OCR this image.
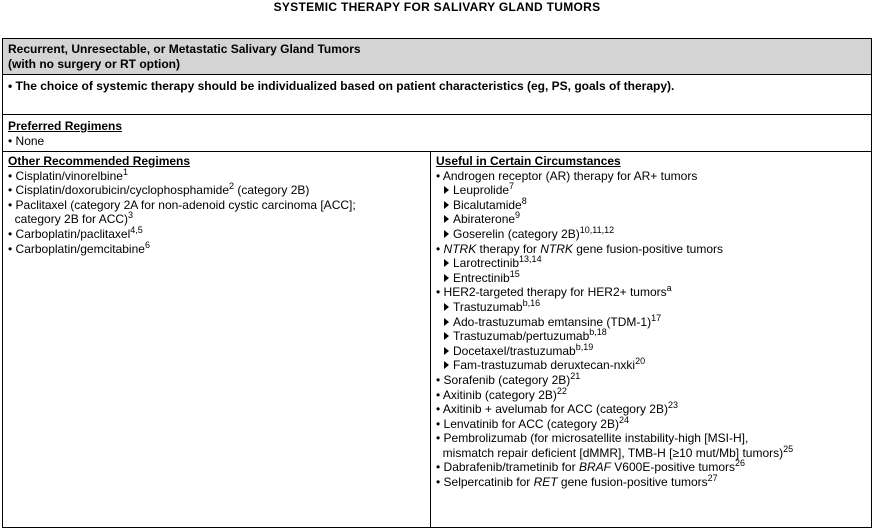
SYSTEMIC THERAPY FOR SALIVARY GLAND TUMORS
Recurrent, Unresectable, or Metastatic Salivary Gland Tumors
(with no surgery or RT option)
• The choice of systemic therapy should be individualized based on patient characteristics (eg, PS, goals of therapy).
Preferred Regimens
• None
Other Recommended Regimens
• Cisplatin/vinorelbine$^1$
• Cisplatin/doxorubicin/cyclophosphamide$^2$ (category 2B)
• Paclitaxel (category 2A for non-adenoid cystic carcinoma [ACC];
category 2B for ACC)$^3$
• Carboplatin/paclitaxel$^{4,5}$
• Carboplatin/gemcitabine$^6$
Useful in Certain Circumstances
• Androgen receptor (AR) therapy for AR+ tumors
Leuprolide$^7$
Bicalutamide$^8$
Abiraterone$^9$
Goserelin (category 2B)$^{10,11,12}$
• NTRK therapy for NTRK gene fusion-positive tumors
Larotrectinib$^{13,14}$
Entrectinib$^{15}$
• HER2-targeted therapy for HER2+ tumors$^a$
Trastuzumab$^{b,16}$
Ado-trastuzumab emtansine $(TDM-1)^{17}$
Trastuzumab/pertuzumab$^{b,18}$
Docetaxel/trastuzumab$^{b,19}$
Fam-trastuzumab deruxtecan-nxki$^{20}$
• Sorafenib (category 2B)$^{21}$
• Axitinib (category 2B)$^{22}$
• Axitinib + avelumab for ACC (category 2B)$^{23}$
• Lenvatinib for ACC (category 2B)$^{24}$
• Pembrolizumab (for microsatellite instability-high [MSI-H],
mismatch repair deficient [dMMR], TMB-H [≥10 mut/Mb] tumors)$^{25}$
• Dabrafenib/trametinib for BRAF V600E-positive tumors$^{26}$
• Selpercatinib for RET gene fusion-positive tumors$^{27}$
